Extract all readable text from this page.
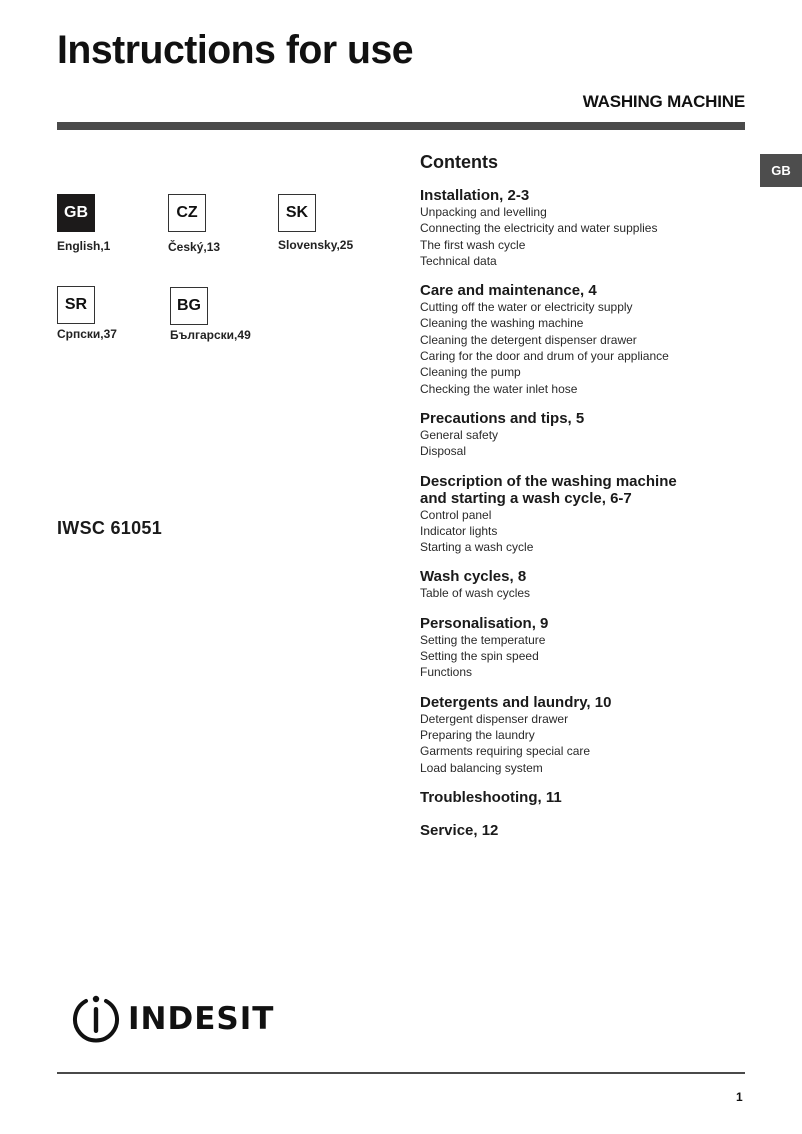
Instructions for use
WASHING MACHINE
GB
GB
English,1
CZ
Český,13
SK
Slovensky,25
SR
Српски,37
BG
Български,49
IWSC 61051
Contents
Installation, 2-3
Unpacking and levelling
Connecting the electricity and water supplies
The first wash cycle
Technical data
Care and maintenance, 4
Cutting off the water or electricity supply
Cleaning the washing machine
Cleaning the detergent dispenser drawer
Caring for the door and drum of your appliance
Cleaning the pump
Checking the water inlet hose
Precautions and tips, 5
General safety
Disposal
Description of the washing machine
and starting a wash cycle, 6-7
Control panel
Indicator lights
Starting a wash cycle
Wash cycles, 8
Table of wash cycles
Personalisation, 9
Setting the temperature
Setting the spin speed
Functions
Detergents and laundry, 10
Detergent dispenser drawer
Preparing the laundry
Garments requiring special care
Load balancing system
Troubleshooting, 11
Service, 12
INDESIT
1
